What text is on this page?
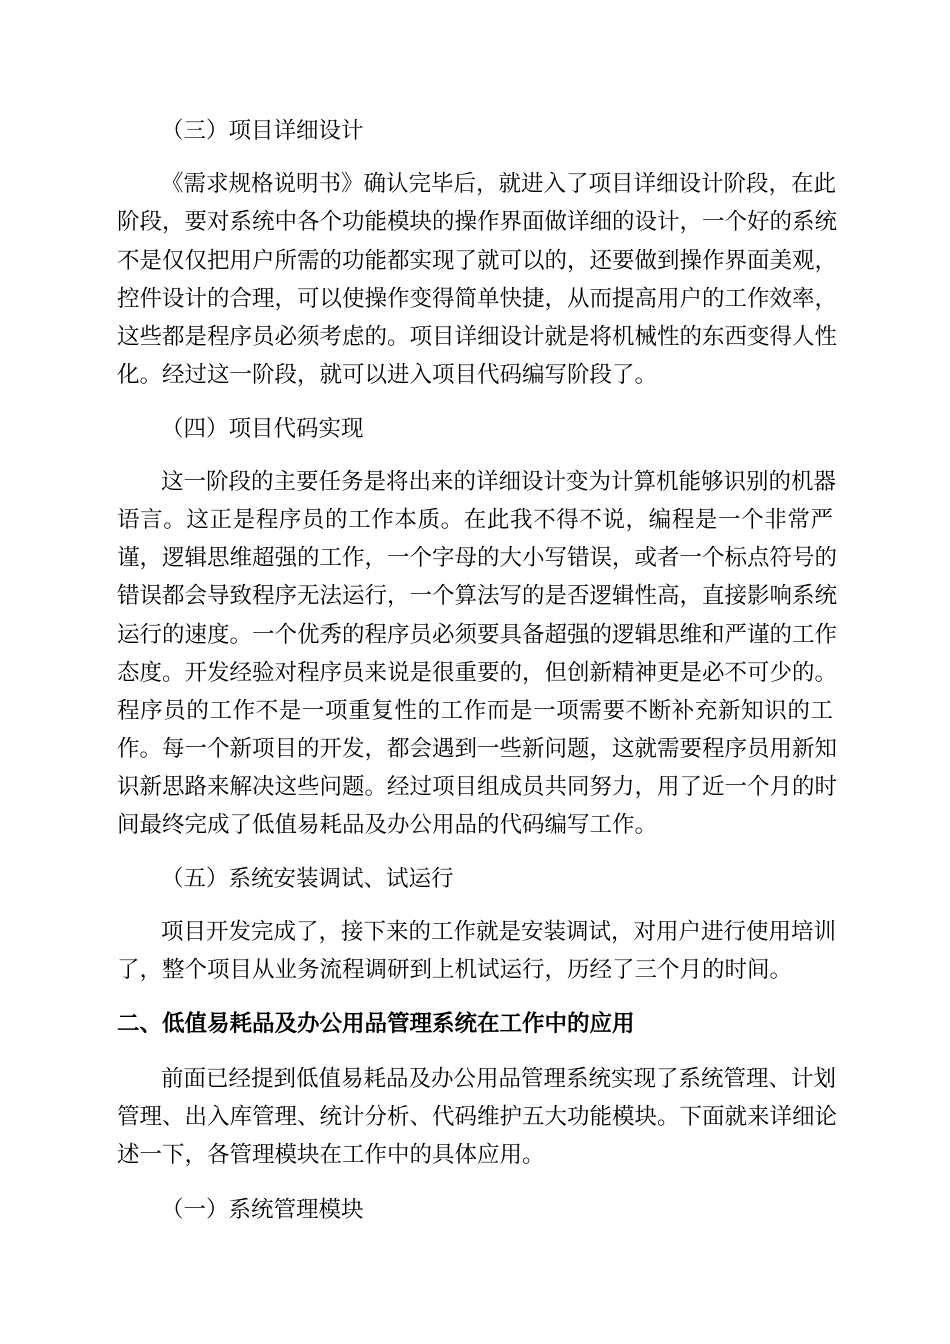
（三）项目详细设计
《需求规格说明书》确认完毕后，就进入了项目详细设计阶段，在此
阶段，要对系统中各个功能模块的操作界面做详细的设计，一个好的系统
不是仅仅把用户所需的功能都实现了就可以的，还要做到操作界面美观，
控件设计的合理，可以使操作变得简单快捷，从而提高用户的工作效率，
这些都是程序员必须考虑的。项目详细设计就是将机械性的东西变得人性
化。经过这一阶段，就可以进入项目代码编写阶段了。
（四）项目代码实现
这一阶段的主要任务是将出来的详细设计变为计算机能够识别的机器
语言。这正是程序员的工作本质。在此我不得不说，编程是一个非常严
谨，逻辑思维超强的工作，一个字母的大小写错误，或者一个标点符号的
错误都会导致程序无法运行，一个算法写的是否逻辑性高，直接影响系统
运行的速度。一个优秀的程序员必须要具备超强的逻辑思维和严谨的工作
态度。开发经验对程序员来说是很重要的，但创新精神更是必不可少的。
程序员的工作不是一项重复性的工作而是一项需要不断补充新知识的工
作。每一个新项目的开发，都会遇到一些新问题，这就需要程序员用新知
识新思路来解决这些问题。经过项目组成员共同努力，用了近一个月的时
间最终完成了低值易耗品及办公用品的代码编写工作。
（五）系统安装调试、试运行
项目开发完成了，接下来的工作就是安装调试，对用户进行使用培训
了，整个项目从业务流程调研到上机试运行，历经了三个月的时间。
二、低值易耗品及办公用品管理系统在工作中的应用
前面已经提到低值易耗品及办公用品管理系统实现了系统管理、计划
管理、出入库管理、统计分析、代码维护五大功能模块。下面就来详细论
述一下，各管理模块在工作中的具体应用。
（一）系统管理模块
